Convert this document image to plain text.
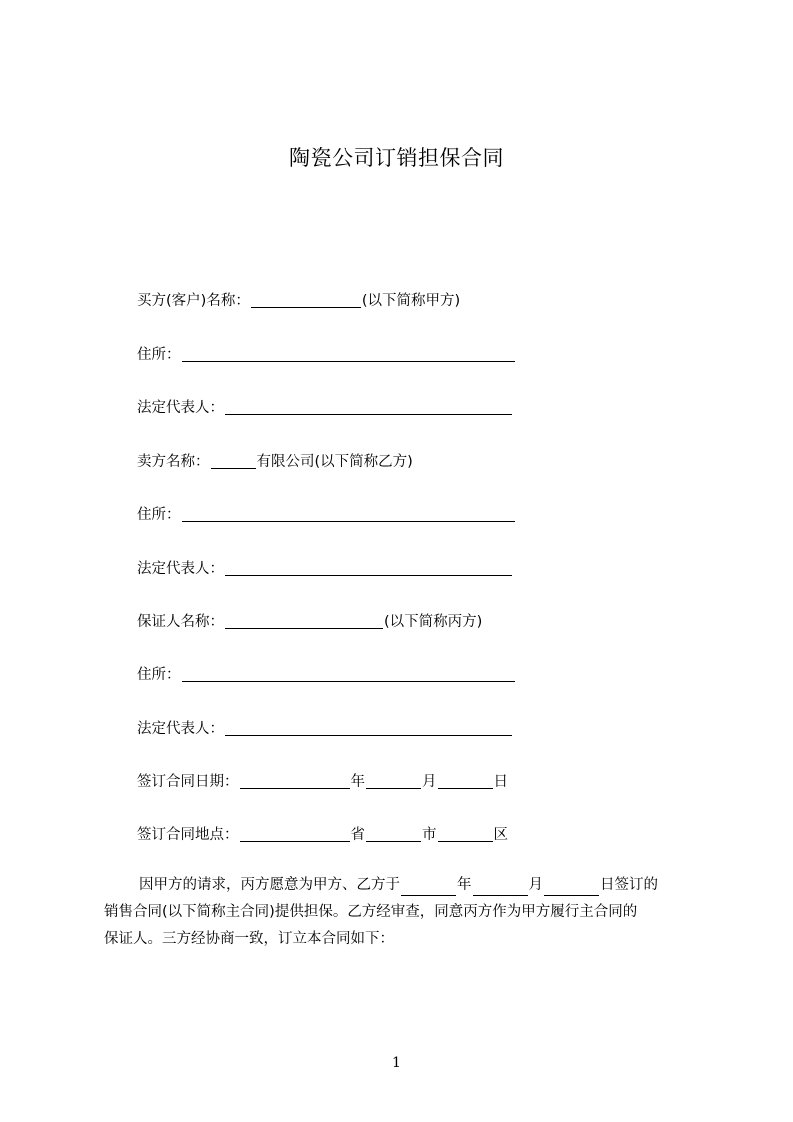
陶瓷公司订销担保合同
买方(客户)名称：	(以下简称甲方)
住所：
法定代表人：
卖方名称：	有限公司(以下简称乙方)
住所：
法定代表人：
保证人名称：	(以下简称丙方)
住所：
法定代表人：
签订合同日期：	年	月	日
签订合同地点：	省	市	区
因甲方的请求，丙方愿意为甲方、乙方于	年	月	日签订的
销售合同(以下简称主合同)提供担保。乙方经审查，同意丙方作为甲方履行主合同的
保证人。三方经协商一致，订立本合同如下：
1
